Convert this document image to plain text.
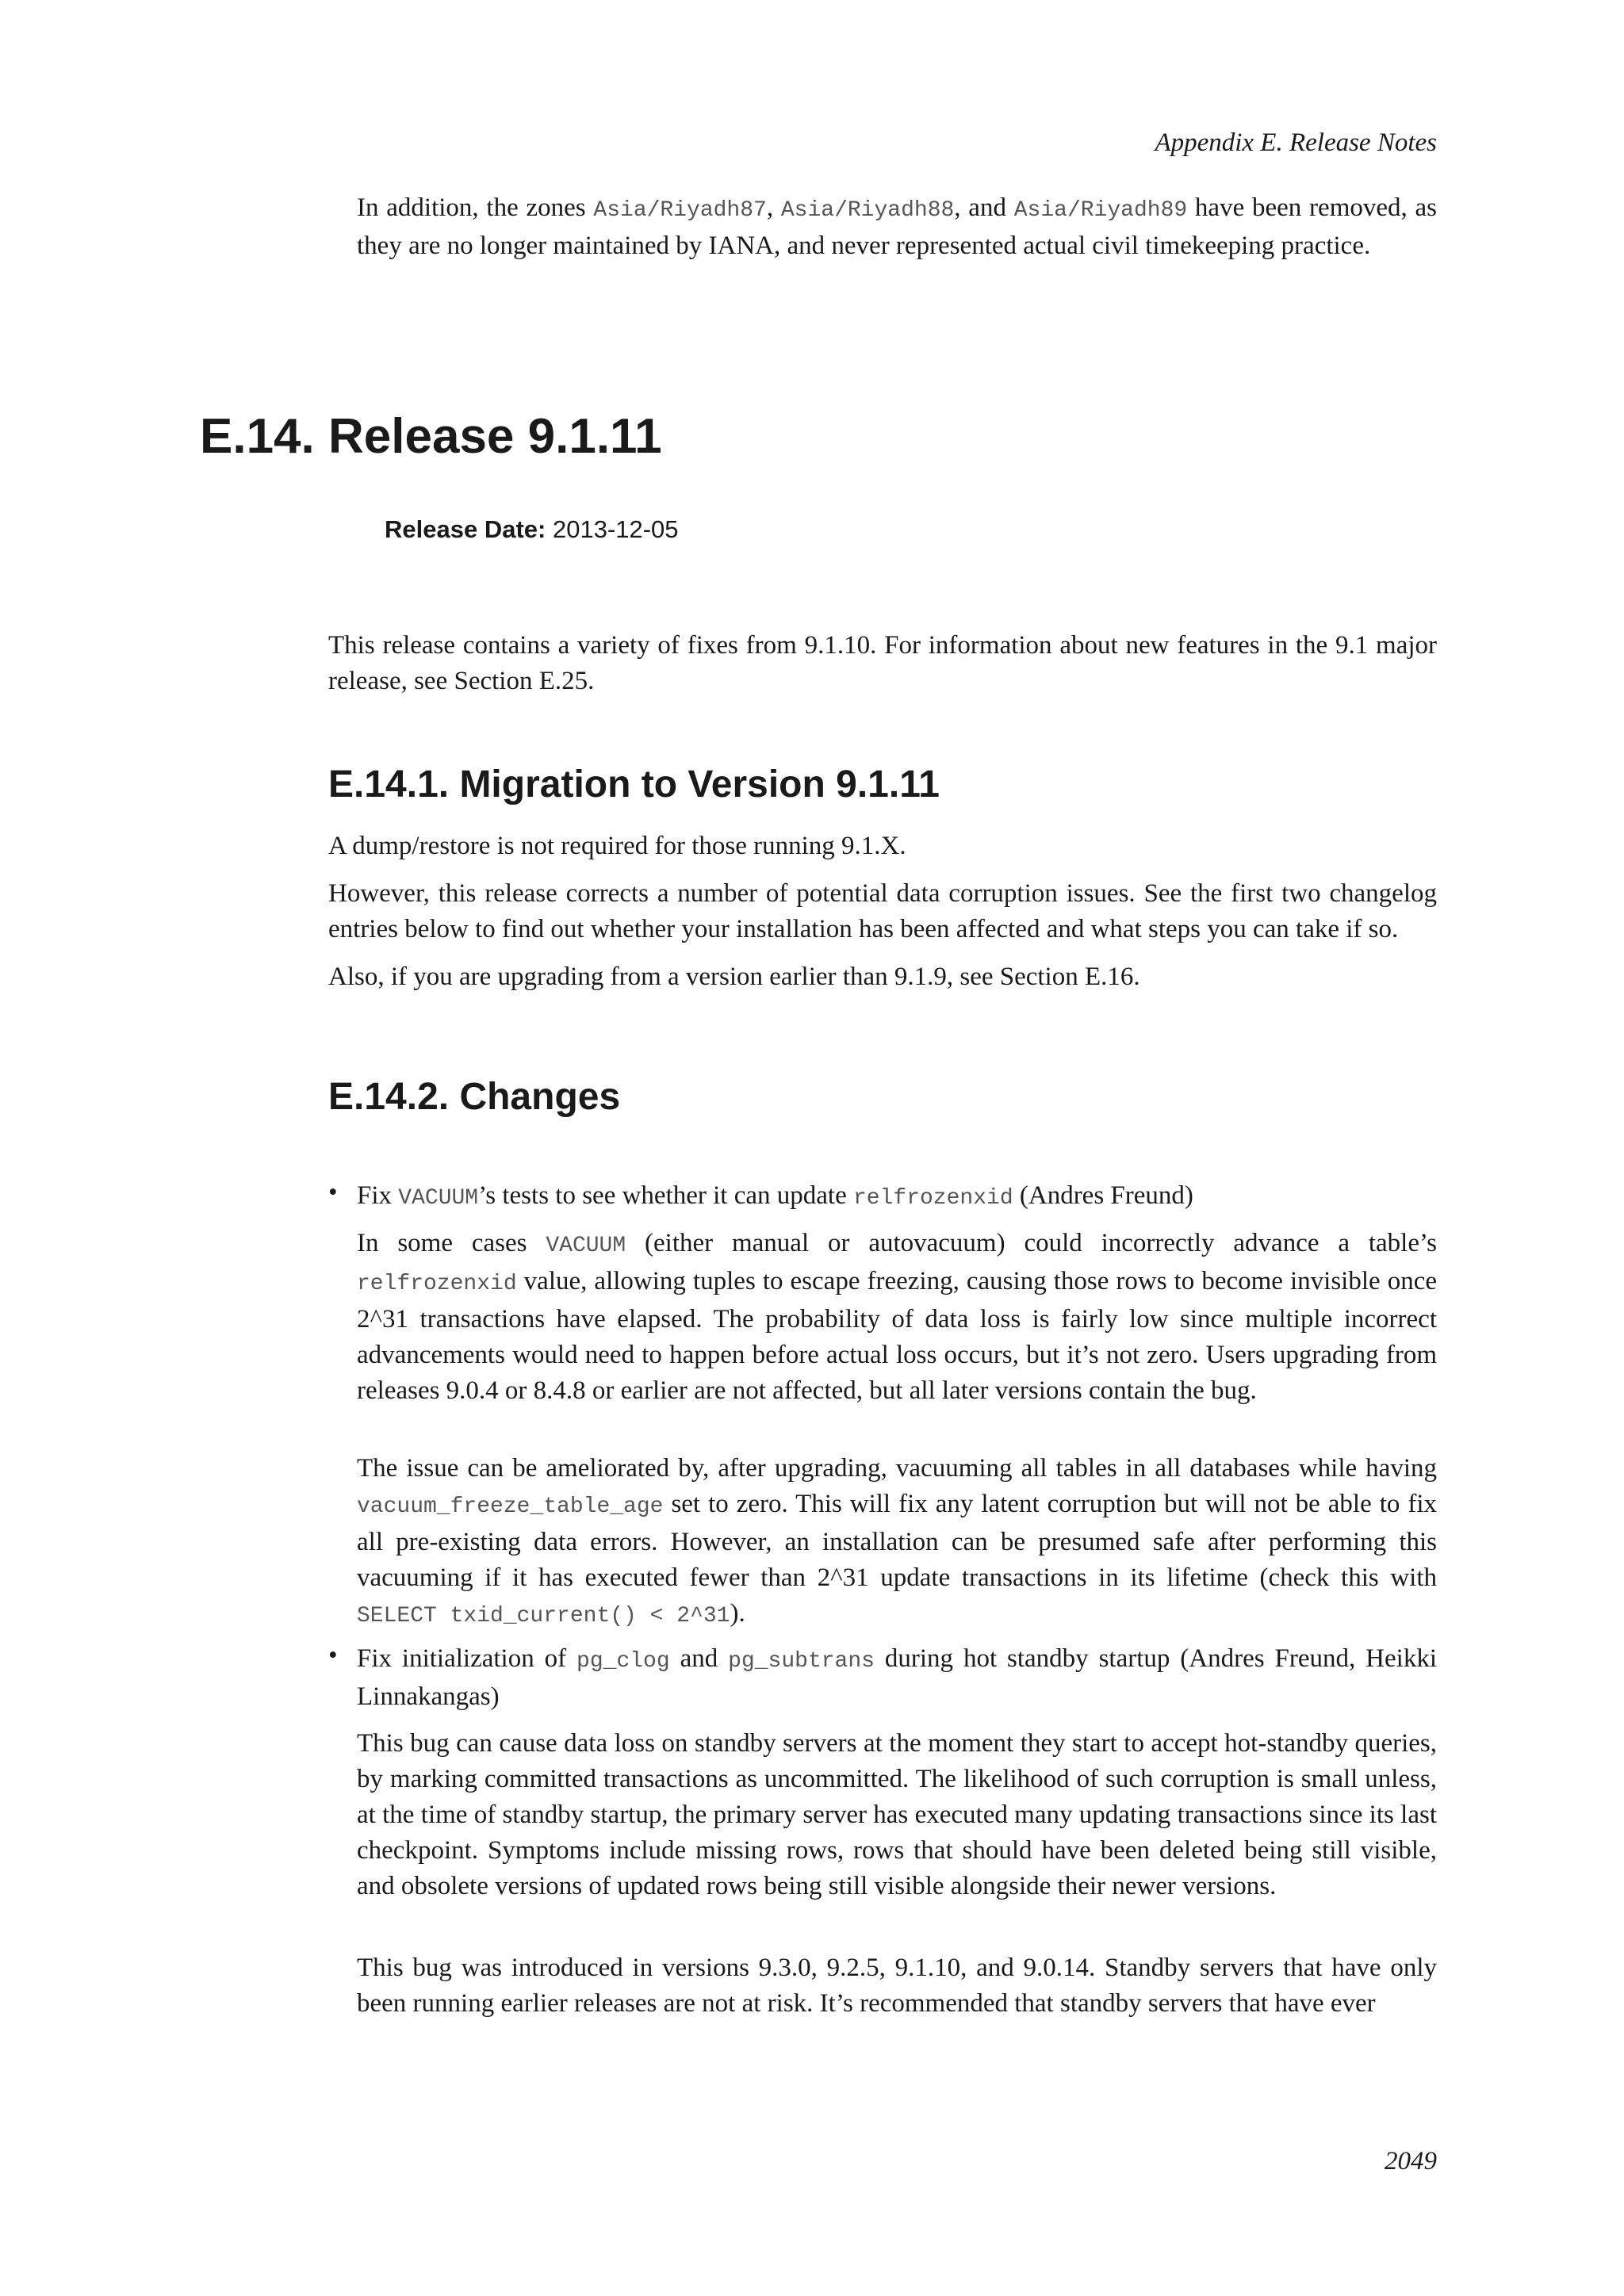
Appendix E. Release Notes

In addition, the zones Asia/Riyadh87, Asia/Riyadh88, and Asia/Riyadh89 have been removed, as they are no longer maintained by IANA, and never represented actual civil timekeeping practice.

E.14. Release 9.1.11
Release Date: 2013-12-05

This release contains a variety of fixes from 9.1.10. For information about new features in the 9.1 major release, see Section E.25.

E.14.1. Migration to Version 9.1.11

A dump/restore is not required for those running 9.1.X.

However, this release corrects a number of potential data corruption issues. See the first two changelog entries below to find out whether your installation has been affected and what steps you can take if so.

Also, if you are upgrading from a version earlier than 9.1.9, see Section E.16.

E.14.2. Changes
• Fix VACUUM’s tests to see whether it can update relfrozenxid (Andres Freund)

In some cases VACUUM (either manual or autovacuum) could incorrectly advance a table’s relfrozenxid value, allowing tuples to escape freezing, causing those rows to become invisible once 2^31 transactions have elapsed. The probability of data loss is fairly low since multiple incorrect advancements would need to happen before actual loss occurs, but it’s not zero. Users upgrading from releases 9.0.4 or 8.4.8 or earlier are not affected, but all later versions contain the bug.

The issue can be ameliorated by, after upgrading, vacuuming all tables in all databases while having vacuum_freeze_table_age set to zero. This will fix any latent corruption but will not be able to fix all pre-existing data errors. However, an installation can be presumed safe after performing this vacuuming if it has executed fewer than 2^31 update transactions in its lifetime (check this with SELECT txid_current() < 2^31).

• Fix initialization of pg_clog and pg_subtrans during hot standby startup (Andres Freund, Heikki Linnakangas)

This bug can cause data loss on standby servers at the moment they start to accept hot-standby queries, by marking committed transactions as uncommitted. The likelihood of such corruption is small unless, at the time of standby startup, the primary server has executed many updating transactions since its last checkpoint. Symptoms include missing rows, rows that should have been deleted being still visible, and obsolete versions of updated rows being still visible alongside their newer versions.

This bug was introduced in versions 9.3.0, 9.2.5, 9.1.10, and 9.0.14. Standby servers that have only been running earlier releases are not at risk. It’s recommended that standby servers that have ever

2049
